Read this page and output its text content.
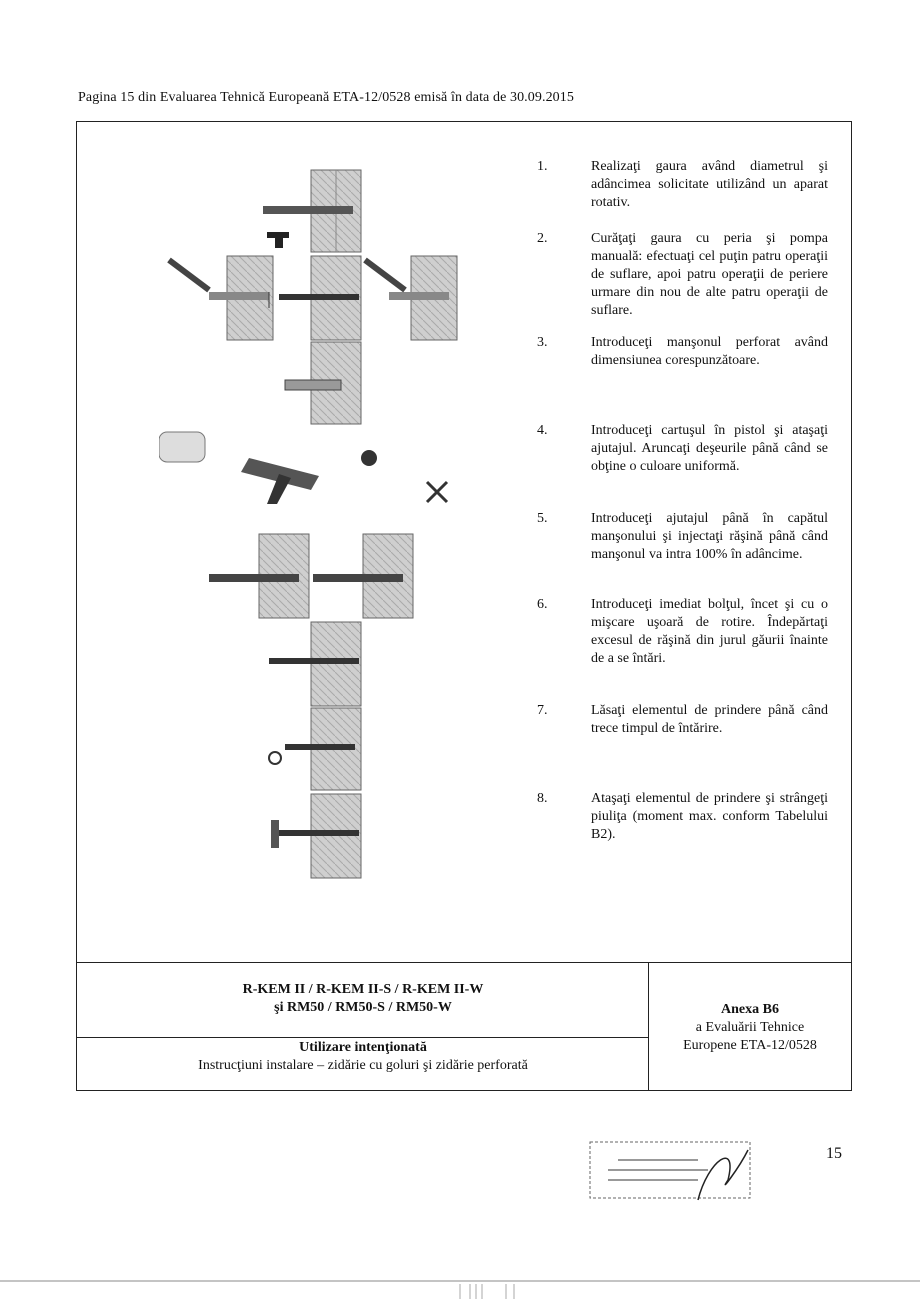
Pagina 15 din Evaluarea Tehnică Europeană ETA-12/0528 emisă în data de 30.09.2015
1.	Realizaţi gaura având diametrul şi adâncimea solicitate utilizând un aparat rotativ.
2.	Curăţaţi gaura cu peria şi pompa manuală: efectuaţi cel puţin patru operaţii de suflare, apoi patru operaţii de periere urmare din nou de alte patru operaţii de suflare.
3.	Introduceţi manşonul perforat având dimensiunea corespunzătoare.
4.	Introduceţi cartuşul în pistol şi ataşaţi ajutajul. Aruncaţi deşeurile până când se obţine o culoare uniformă.
5.	Introduceţi ajutajul până în capătul manşonului şi injectaţi răşină până când manşonul va intra 100% în adâncime.
6.	Introduceţi imediat bolţul, încet şi cu o mişcare uşoară de rotire. Îndepărtaţi excesul de răşină din jurul găurii înainte de a se întări.
7.	Lăsaţi elementul de prindere până când trece timpul de întărire.
8.	Ataşaţi elementul de prindere şi strângeţi piuliţa (moment max. conform Tabelului B2).
R-KEM II / R-KEM II-S / R-KEM II-W
şi RM50 / RM50-S / RM50-W
Utilizare intenţionată
Instrucţiuni instalare – zidărie cu goluri şi zidărie perforată
Anexa B6
a Evaluării Tehnice
Europene ETA-12/0528
15
